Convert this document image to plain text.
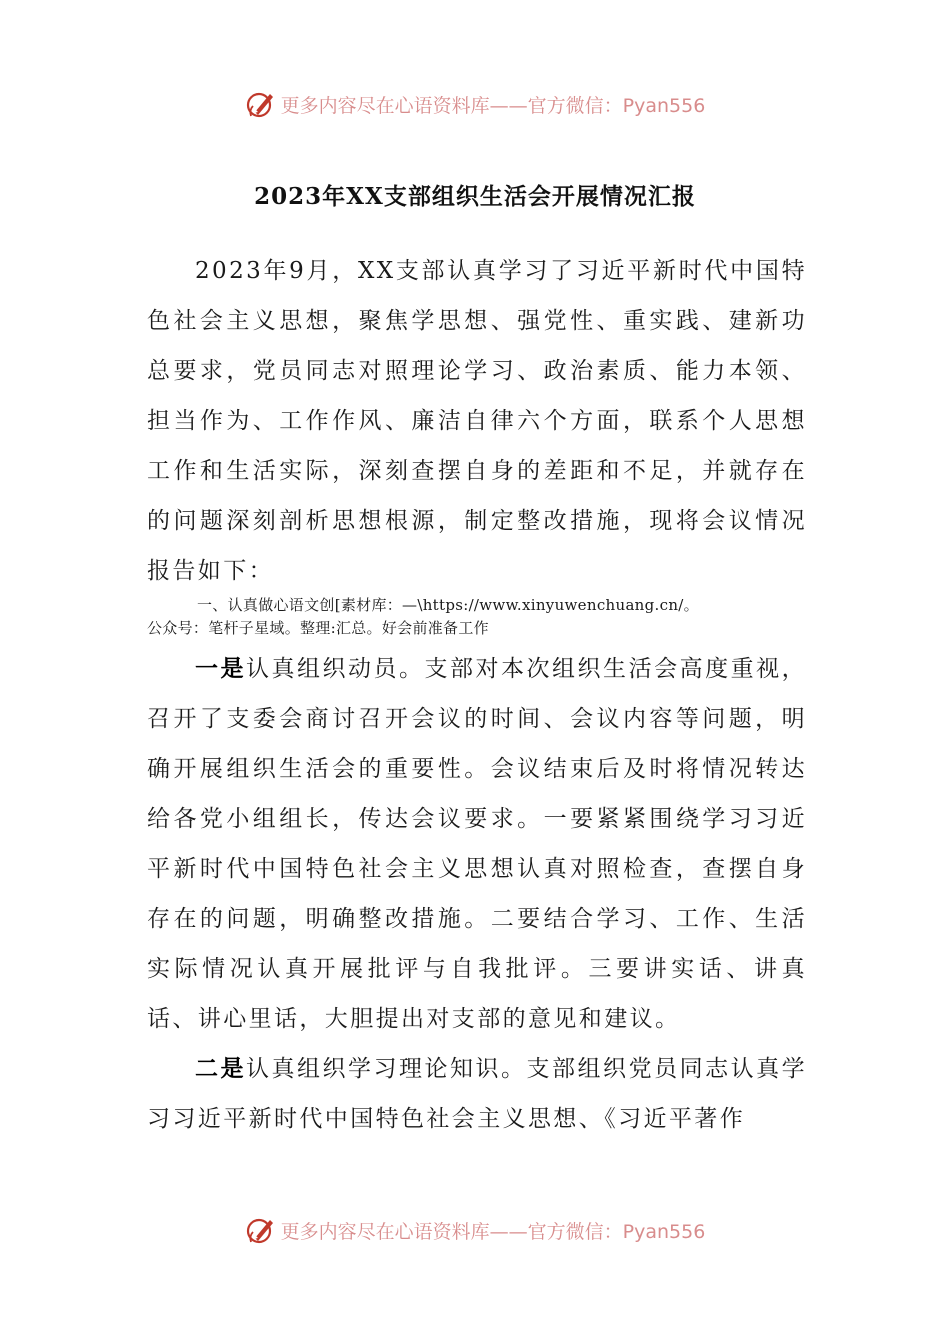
更多内容尽在心语资料库——官方微信：Pyan556
2023年XX支部组织生活会开展情况汇报

2023年9月，XX支部认真学习了习近平新时代中国特色社会主义思想，聚焦学思想、强党性、重实践、建新功总要求，党员同志对照理论学习、政治素质、能力本领、担当作为、工作作风、廉洁自律六个方面，联系个人思想工作和生活实际，深刻查摆自身的差距和不足，并就存在的问题深刻剖析思想根源，制定整改措施，现将会议情况报告如下：

一、认真做心语文创[素材库：—\https://www.xinyuwenchuang.cn/。

公众号：笔杆子星域。整理:汇总。好会前准备工作

一是认真组织动员。支部对本次组织生活会高度重视，召开了支委会商讨召开会议的时间、会议内容等问题，明确开展组织生活会的重要性。会议结束后及时将情况转达给各党小组组长，传达会议要求。一要紧紧围绕学习习近平新时代中国特色社会主义思想认真对照检查，查摆自身存在的问题，明确整改措施。二要结合学习、工作、生活实际情况认真开展批评与自我批评。三要讲实话、讲真话、讲心里话，大胆提出对支部的意见和建议。

二是认真组织学习理论知识。支部组织党员同志认真学习习近平新时代中国特色社会主义思想、《习近平著作

更多内容尽在心语资料库——官方微信：Pyan556
